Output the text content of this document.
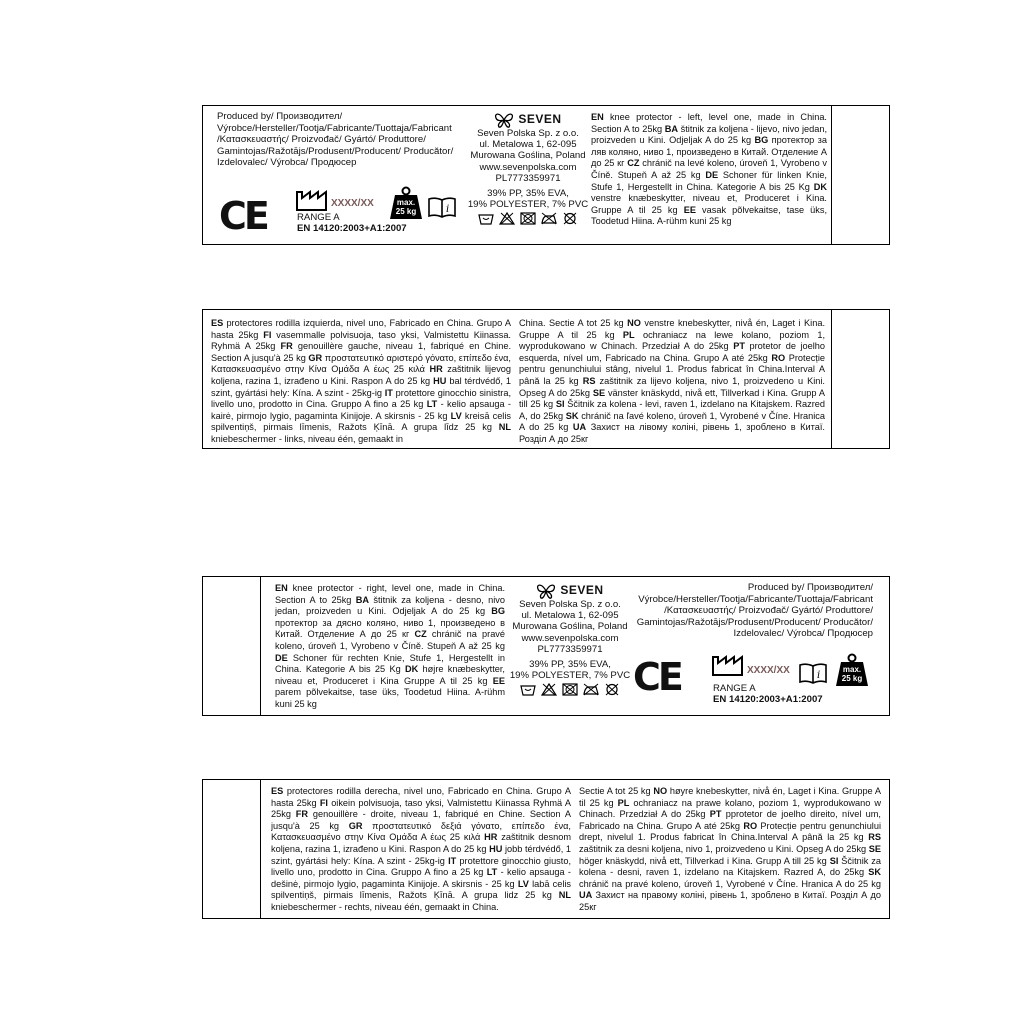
Produced by/ Производител/
Výrobce/Hersteller/Tootja/Fabricante/Tuottaja/Fabricant
/Κατασκευαστής/ Proizvođač/ Gyártó/ Produttore/
Gamintojas/Ražotājs/Produsent/Producent/ Producător/
Izdelovalec/ Výrobca/ Продюсер
CE	XXXX/XX
RANGE A
EN 14120:2003+A1:2007
max.
25 kg	i
SEVEN
Seven Polska Sp. z o.o.
ul. Metalowa 1, 62-095
Murowana Goślina, Poland
www.sevenpolska.com
PL7773359971
39% PP, 35% EVA,
19% POLYESTER, 7% PVC
EN knee protector - left, level one, made in China. Section A to 25kg BA štitnik za koljena - lijevo, nivo jedan, proizveden u Kini. Odjeljak A do 25 kg BG протектор за ляв коляно, ниво 1, произведено в Китай. Отделение А до 25 кг CZ chránič na levé koleno, úroveň 1, Vyrobeno v Číně. Stupeň A až 25 kg DE Schoner für linken Knie, Stufe 1, Hergestellt in China. Kategorie A bis 25 Kg DK venstre knæbeskytter, niveau et, Produceret i Kina. Gruppe A til 25 kg EE vasak põlvekaitse, tase üks, Toodetud Hiina. A-rühm kuni 25 kg
ES protectores rodilla izquierda, nivel uno, Fabricado en China. Grupo A hasta 25kg FI vasemmalle polvisuoja, taso yksi, Valmistettu Kiinassa. Ryhmä A 25kg FR genouillère gauche, niveau 1, fabriqué en Chine. Section A jusqu'à 25 kg GR προστατευτικό αριστερό γόνατο, επίπεδο ένα, Κατασκευασμένο στην Κίνα Ομάδα Α έως 25 κιλά HR zaštitnik lijevog koljena, razina 1, izrađeno u Kini. Raspon A do 25 kg HU bal térdvédő, 1 szint, gyártási hely: Kína. A szint - 25kg-ig IT protettore ginocchio sinistra, livello uno, prodotto in Cina. Gruppo A fino a 25 kg LT - kelio apsauga - kairė, pirmojo lygio, pagaminta Kinijoje. A skirsnis - 25 kg LV kreisā celis spilventiņš, pirmais līmenis, Ražots Ķīnā. A grupa līdz 25 kg NL kniebeschermer - links, niveau één, gemaakt in
China. Sectie A tot 25 kg NO venstre knebeskytter, nivå én, Laget i Kina. Gruppe A til 25 kg PL ochraniacz na lewe kolano, poziom 1, wyprodukowano w Chinach. Przedział A do 25kg PT protetor de joelho esquerda, nível um, Fabricado na China. Grupo A até 25kg RO Protecție pentru genunchiului stâng, nivelul 1. Produs fabricat în China.Interval A până la 25 kg RS zaštitnik za lijevo koljena, nivo 1, proizvedeno u Kini. Opseg A do 25kg SE vänster knäskydd, nivå ett, Tillverkad i Kina. Grupp A till 25 kg SI Ščitnik za kolena - levi, raven 1, izdelano na Kitajskem. Razred A, do 25kg SK chránič na ľavé koleno, úroveň 1, Vyrobené v Číne. Hranica A do 25 kg UA Захист на лівому коліні, рівень 1, зроблено в Китаї. Розділ А до 25кг
EN knee protector - right, level one, made in China. Section A to 25kg BA štitnik za koljena - desno, nivo jedan, proizveden u Kini. Odjeljak A do 25 kg BG протектор за дясно коляно, ниво 1, произведено в Китай. Отделение А до 25 кг CZ chránič na pravé koleno, úroveň 1, Vyrobeno v Číně. Stupeň A až 25 kg DE Schoner für rechten Knie, Stufe 1, Hergestellt in China. Kategorie A bis 25 Kg DK højre knæbeskytter, niveau et, Produceret i Kina Gruppe A til 25 kg EE parem põlvekaitse, tase üks, Toodetud Hiina. A-rühm kuni 25 kg
SEVEN
Seven Polska Sp. z o.o.
ul. Metalowa 1, 62-095
Murowana Goślina, Poland
www.sevenpolska.com
PL7773359971
39% PP, 35% EVA,
19% POLYESTER, 7% PVC
Produced by/ Производител/
Výrobce/Hersteller/Tootja/Fabricante/Tuottaja/Fabricant
/Κατασκευαστής/ Proizvođač/ Gyártó/ Produttore/
Gamintojas/Ražotājs/Produsent/Producent/ Producător/
Izdelovalec/ Výrobca/ Продюсер
CE	XXXX/XX	i
max.
25 kg
RANGE A
EN 14120:2003+A1:2007
ES protectores rodilla derecha, nivel uno, Fabricado en China. Grupo A hasta 25kg FI oikein polvisuoja, taso yksi, Valmistettu Kiinassa Ryhmä A 25kg FR genouillère - droite, niveau 1, fabriqué en Chine. Section A jusqu'à 25 kg GR προστατευτικό δεξιά γόνατο, επίπεδο ένα, Κατασκευασμένο στην Κίνα Ομάδα Α έως 25 κιλά HR zaštitnik desnom koljena, razina 1, izrađeno u Kini. Raspon A do 25 kg HU jobb térdvédő, 1 szint, gyártási hely: Kína. A szint - 25kg-ig IT protettore ginocchio giusto, livello uno, prodotto in Cina. Gruppo A fino a 25 kg LT - kelio apsauga - dešinė, pirmojo lygio, pagaminta Kinijoje. A skirsnis - 25 kg LV labā celis spilventiņš, pirmais līmenis, Ražots Ķīnā. A grupa lidz 25 kg NL kniebeschermer - rechts, niveau één, gemaakt in China.
Sectie A tot 25 kg NO høyre knebeskytter, nivå én, Laget i Kina. Gruppe A til 25 kg PL ochraniacz na prawe kolano, poziom 1, wyprodukowano w Chinach. Przedział A do 25kg PT pprotetor de joelho direito, nível um, Fabricado na China. Grupo A até 25kg RO Protecție pentru genunchiului drept, nivelul 1. Produs fabricat în China.Interval A până la 25 kg RS zaštitnik za desni koljena, nivo 1, proizvedeno u Kini. Opseg A do 25kg SE höger knäskydd, nivå ett, Tillverkad i Kina. Grupp A till 25 kg SI Ščitnik za kolena - desni, raven 1, izdelano na Kitajskem. Razred A, do 25kg SK chránič na pravé koleno, úroveň 1, Vyrobené v Číne. Hranica A do 25 kg UA Захист на правому коліні, рівень 1, зроблено в Китаї. Розділ А до 25кг
